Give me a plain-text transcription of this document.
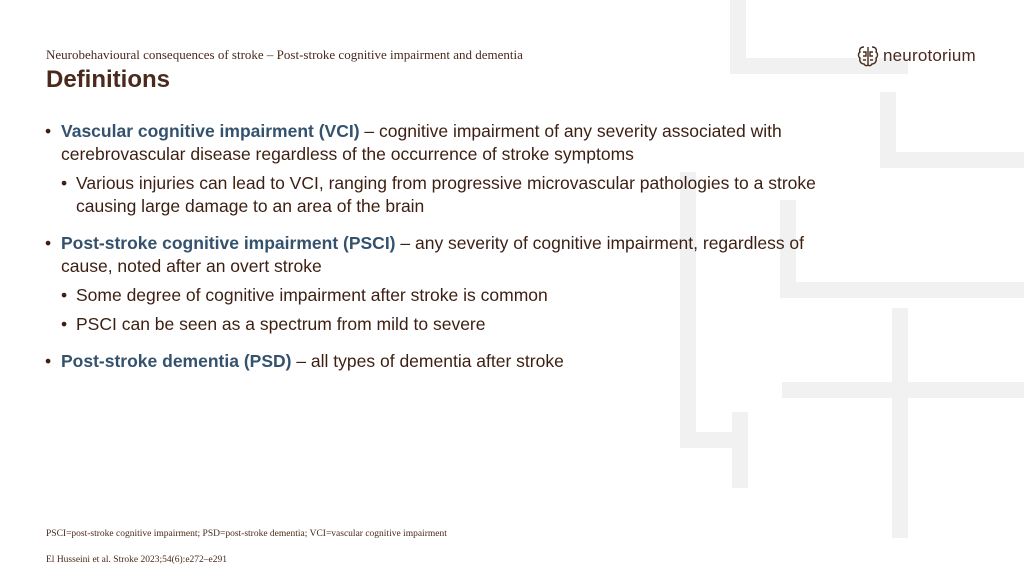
Neurobehavioural consequences of stroke – Post-stroke cognitive impairment and dementia
Definitions
neurotorium
• Vascular cognitive impairment (VCI) – cognitive impairment of any severity associated with cerebrovascular disease regardless of the occurrence of stroke symptoms
• Various injuries can lead to VCI, ranging from progressive microvascular pathologies to a stroke causing large damage to an area of the brain
• Post-stroke cognitive impairment (PSCI) – any severity of cognitive impairment, regardless of cause, noted after an overt stroke
• Some degree of cognitive impairment after stroke is common
• PSCI can be seen as a spectrum from mild to severe
• Post-stroke dementia (PSD) – all types of dementia after stroke
PSCI=post-stroke cognitive impairment; PSD=post-stroke dementia; VCI=vascular cognitive impairment
El Husseini et al. Stroke 2023;54(6):e272–e291
